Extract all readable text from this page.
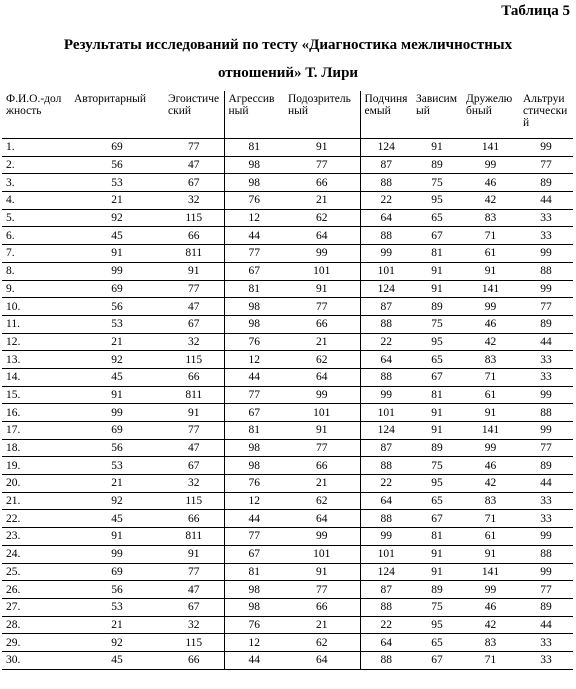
Таблица 5
Результаты исследований по тесту «Диагностика межличностных
отношений» Т. Лири
Ф.И.О.-должность	Авторитарный	Эгоистический	Агрессивный	Подозрительный	Подчиняемый	Зависимый	Дружелюбный	Альтруистический
1.	69	77	81	91	124	91	141	99
2.	56	47	98	77	87	89	99	77
3.	53	67	98	66	88	75	46	89
4.	21	32	76	21	22	95	42	44
5.	92	115	12	62	64	65	83	33
6.	45	66	44	64	88	67	71	33
7.	91	811	77	99	99	81	61	99
8.	99	91	67	101	101	91	91	88
9.	69	77	81	91	124	91	141	99
10.	56	47	98	77	87	89	99	77
11.	53	67	98	66	88	75	46	89
12.	21	32	76	21	22	95	42	44
13.	92	115	12	62	64	65	83	33
14.	45	66	44	64	88	67	71	33
15.	91	811	77	99	99	81	61	99
16.	99	91	67	101	101	91	91	88
17.	69	77	81	91	124	91	141	99
18.	56	47	98	77	87	89	99	77
19.	53	67	98	66	88	75	46	89
20.	21	32	76	21	22	95	42	44
21.	92	115	12	62	64	65	83	33
22.	45	66	44	64	88	67	71	33
23.	91	811	77	99	99	81	61	99
24.	99	91	67	101	101	91	91	88
25.	69	77	81	91	124	91	141	99
26.	56	47	98	77	87	89	99	77
27.	53	67	98	66	88	75	46	89
28.	21	32	76	21	22	95	42	44
29.	92	115	12	62	64	65	83	33
30.	45	66	44	64	88	67	71	33
